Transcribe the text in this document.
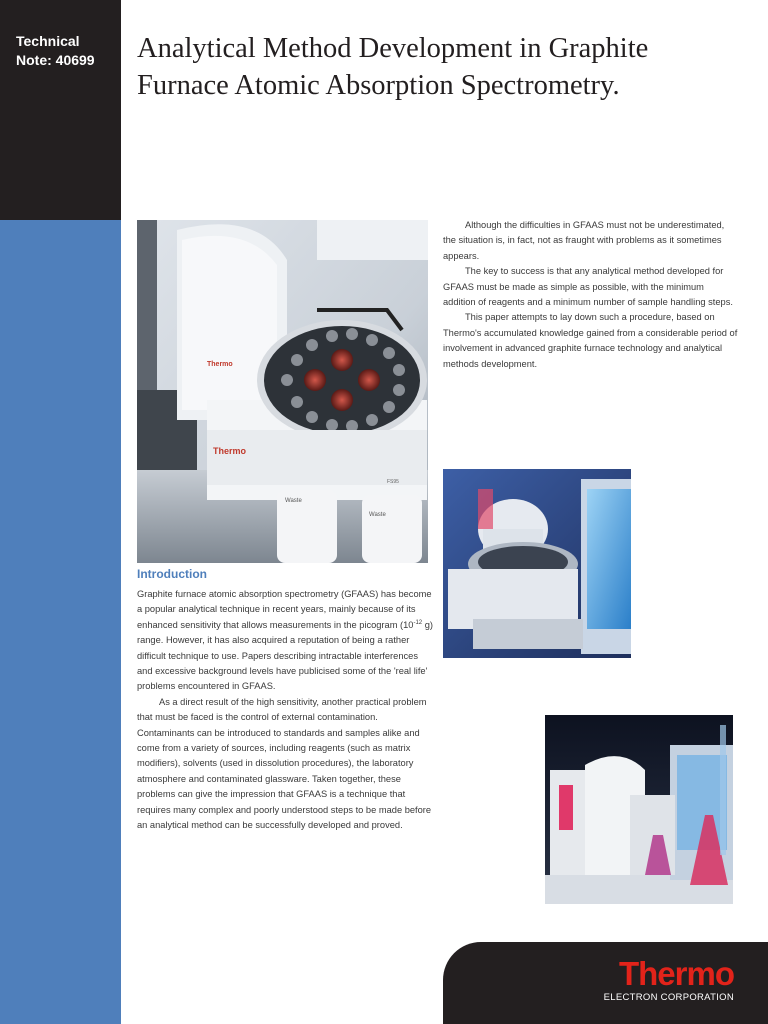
Technical
Note: 40699 Analytical Method Development in Graphite
Furnace Atomic Absorption Spectrometry.
Thermo
Thermo
FS95
Waste
Waste

Although the difficulties in GFAAS must not be underestimated, the situation is, in fact, not as fraught with problems as it sometimes appears.

The key to success is that any analytical method developed for GFAAS must be made as simple as possible, with the minimum addition of reagents and a minimum number of sample handling steps.

This paper attempts to lay down such a procedure, based on Thermo's accumulated knowledge gained from a considerable period of involvement in advanced graphite furnace technology and analytical methods development.

Introduction

Graphite furnace atomic absorption spectrometry (GFAAS) has become a popular analytical technique in recent years, mainly because of its enhanced sensitivity that allows measurements in the picogram ($10^{-12}$ g) range. However, it has also acquired a reputation of being a rather difficult technique to use. Papers describing intractable interferences and excessive background levels have publicised some of the 'real life' problems encountered in GFAAS.

As a direct result of the high sensitivity, another practical problem that must be faced is the control of external contamination. Contaminants can be introduced to standards and samples alike and come from a variety of sources, including reagents (such as matrix modifiers), solvents (used in dissolution procedures), the laboratory atmosphere and contaminated glassware. Taken together, these problems can give the impression that GFAAS is a technique that requires many complex and poorly understood steps to be made before an analytical method can be successfully developed and proved.

Thermo
ELECTRON CORPORATION
